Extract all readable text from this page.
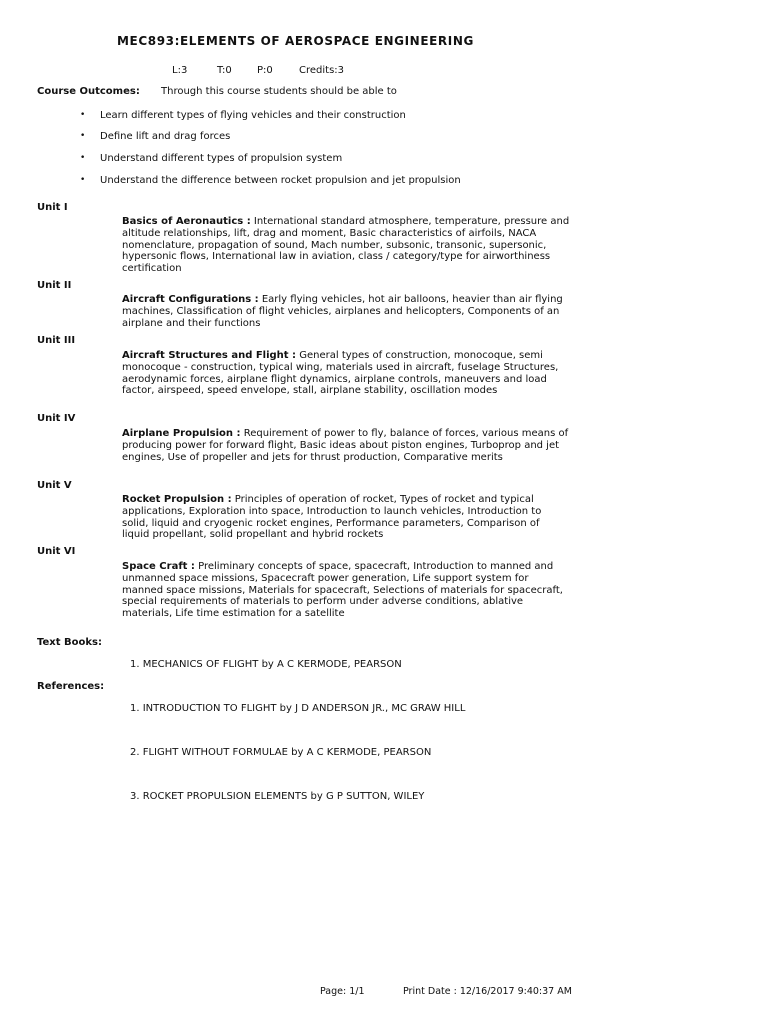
MEC893:ELEMENTS OF AEROSPACE ENGINEERING
L:3	T:0	P:0	Credits:3
Course Outcomes: Through this course students should be able to
• Learn different types of flying vehicles and their construction
• Define lift and drag forces
• Understand different types of propulsion system
• Understand the difference between rocket propulsion and jet propulsion
Unit I
Basics of Aeronautics : International standard atmosphere, temperature, pressure and altitude relationships, lift, drag and moment, Basic characteristics of airfoils, NACA nomenclature, propagation of sound, Mach number, subsonic, transonic, supersonic, hypersonic flows, International law in aviation, class / category/type for airworthiness certification
Unit II
Aircraft Configurations : Early flying vehicles, hot air balloons, heavier than air flying machines, Classification of flight vehicles, airplanes and helicopters, Components of an airplane and their functions
Unit III
Aircraft Structures and Flight : General types of construction, monocoque, semi monocoque - construction, typical wing, materials used in aircraft, fuselage Structures, aerodynamic forces, airplane flight dynamics, airplane controls, maneuvers and load factor, airspeed, speed envelope, stall, airplane stability, oscillation modes
Unit IV
Airplane Propulsion : Requirement of power to fly, balance of forces, various means of producing power for forward flight, Basic ideas about piston engines, Turboprop and jet engines, Use of propeller and jets for thrust production, Comparative merits
Unit V
Rocket Propulsion : Principles of operation of rocket, Types of rocket and typical applications, Exploration into space, Introduction to launch vehicles, Introduction to solid, liquid and cryogenic rocket engines, Performance parameters, Comparison of liquid propellant, solid propellant and hybrid rockets
Unit VI
Space Craft : Preliminary concepts of space, spacecraft, Introduction to manned and unmanned space missions, Spacecraft power generation, Life support system for manned space missions, Materials for spacecraft, Selections of materials for spacecraft, special requirements of materials to perform under adverse conditions, ablative materials, Life time estimation for a satellite
Text Books:
1. MECHANICS OF FLIGHT by A C KERMODE, PEARSON
References:
1. INTRODUCTION TO FLIGHT by J D ANDERSON JR., MC GRAW HILL
2. FLIGHT WITHOUT FORMULAE by A C KERMODE, PEARSON
3. ROCKET PROPULSION ELEMENTS by G P SUTTON, WILEY
Page: 1/1	Print Date : 12/16/2017 9:40:37 AM
